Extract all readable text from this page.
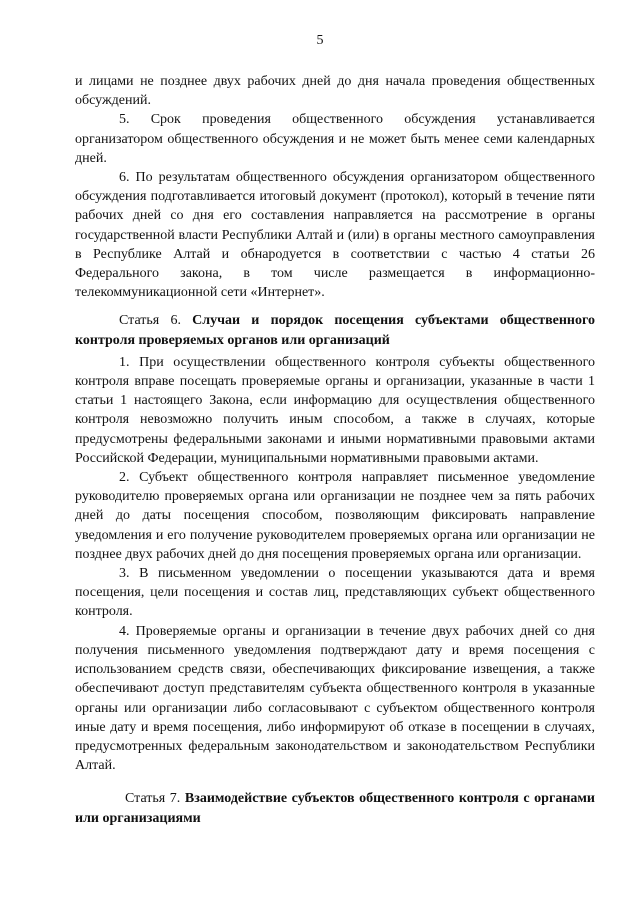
5

и лицами не позднее двух рабочих дней до дня начала проведения общественных обсуждений.

5. Срок проведения общественного обсуждения устанавливается организатором общественного обсуждения и не может быть менее семи календарных дней.

6. По результатам общественного обсуждения организатором общественного обсуждения подготавливается итоговый документ (протокол), который в течение пяти рабочих дней со дня его составления направляется на рассмотрение в органы государственной власти Республики Алтай и (или) в органы местного самоуправления в Республике Алтай и обнародуется в соответствии с частью 4 статьи 26 Федерального закона, в том числе размещается в информационно-телекоммуникационной сети «Интернет».

Статья 6. Случаи и порядок посещения субъектами общественного контроля проверяемых органов или организаций

1. При осуществлении общественного контроля субъекты общественного контроля вправе посещать проверяемые органы и организации, указанные в части 1 статьи 1 настоящего Закона, если информацию для осуществления общественного контроля невозможно получить иным способом, а также в случаях, которые предусмотрены федеральными законами и иными нормативными правовыми актами Российской Федерации, муниципальными нормативными правовыми актами.

2. Субъект общественного контроля направляет письменное уведомление руководителю проверяемых органа или организации не позднее чем за пять рабочих дней до даты посещения способом, позволяющим фиксировать направление уведомления и его получение руководителем проверяемых органа или организации не позднее двух рабочих дней до дня посещения проверяемых органа или организации.

3. В письменном уведомлении о посещении указываются дата и время посещения, цели посещения и состав лиц, представляющих субъект общественного контроля.

4. Проверяемые органы и организации в течение двух рабочих дней со дня получения письменного уведомления подтверждают дату и время посещения с использованием средств связи, обеспечивающих фиксирование извещения, а также обеспечивают доступ представителям субъекта общественного контроля в указанные органы или организации либо согласовывают с субъектом общественного контроля иные дату и время посещения, либо информируют об отказе в посещении в случаях, предусмотренных федеральным законодательством и законодательством Республики Алтай.

Статья 7. Взаимодействие субъектов общественного контроля с органами или организациями
